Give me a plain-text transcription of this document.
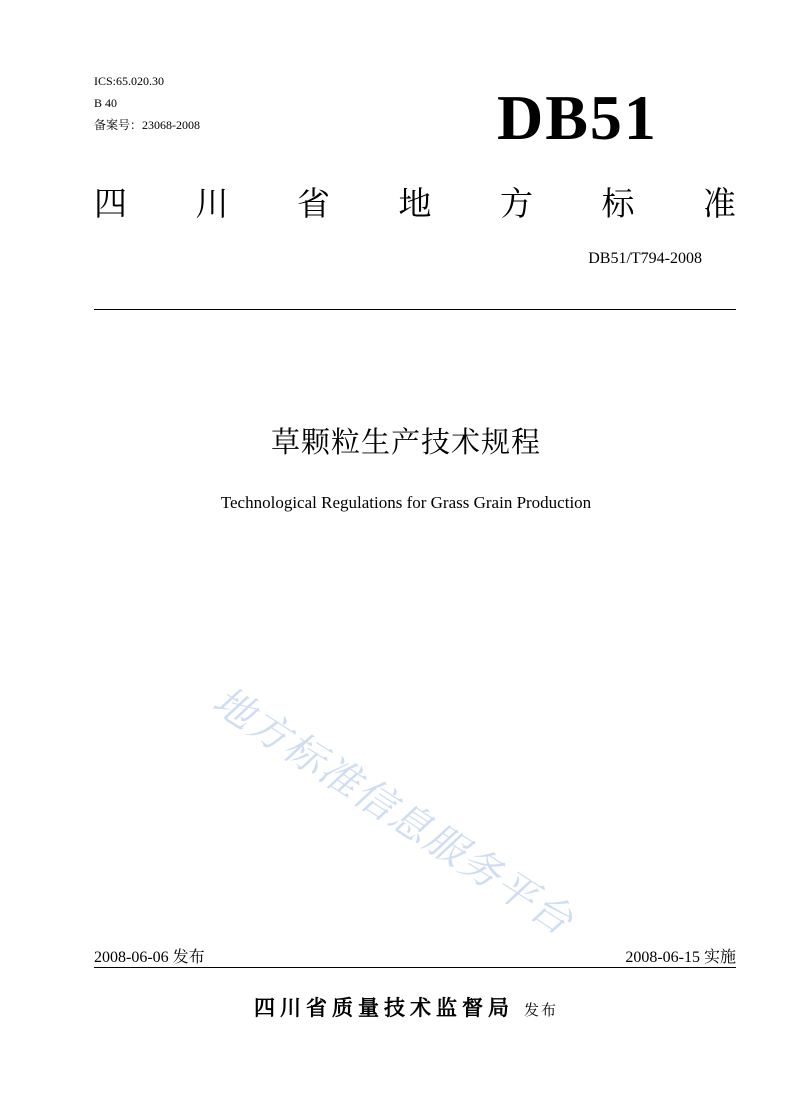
ICS:65.020.30
B 40
备案号：23068-2008	DB51
四 川 省 地 方 标 准
DB51/T794-2008
草颗粒生产技术规程
Technological Regulations for Grass Grain Production
地方标准信息服务平台
2008-06-06 发布	2008-06-15 实施
四川省质量技术监督局 发布
